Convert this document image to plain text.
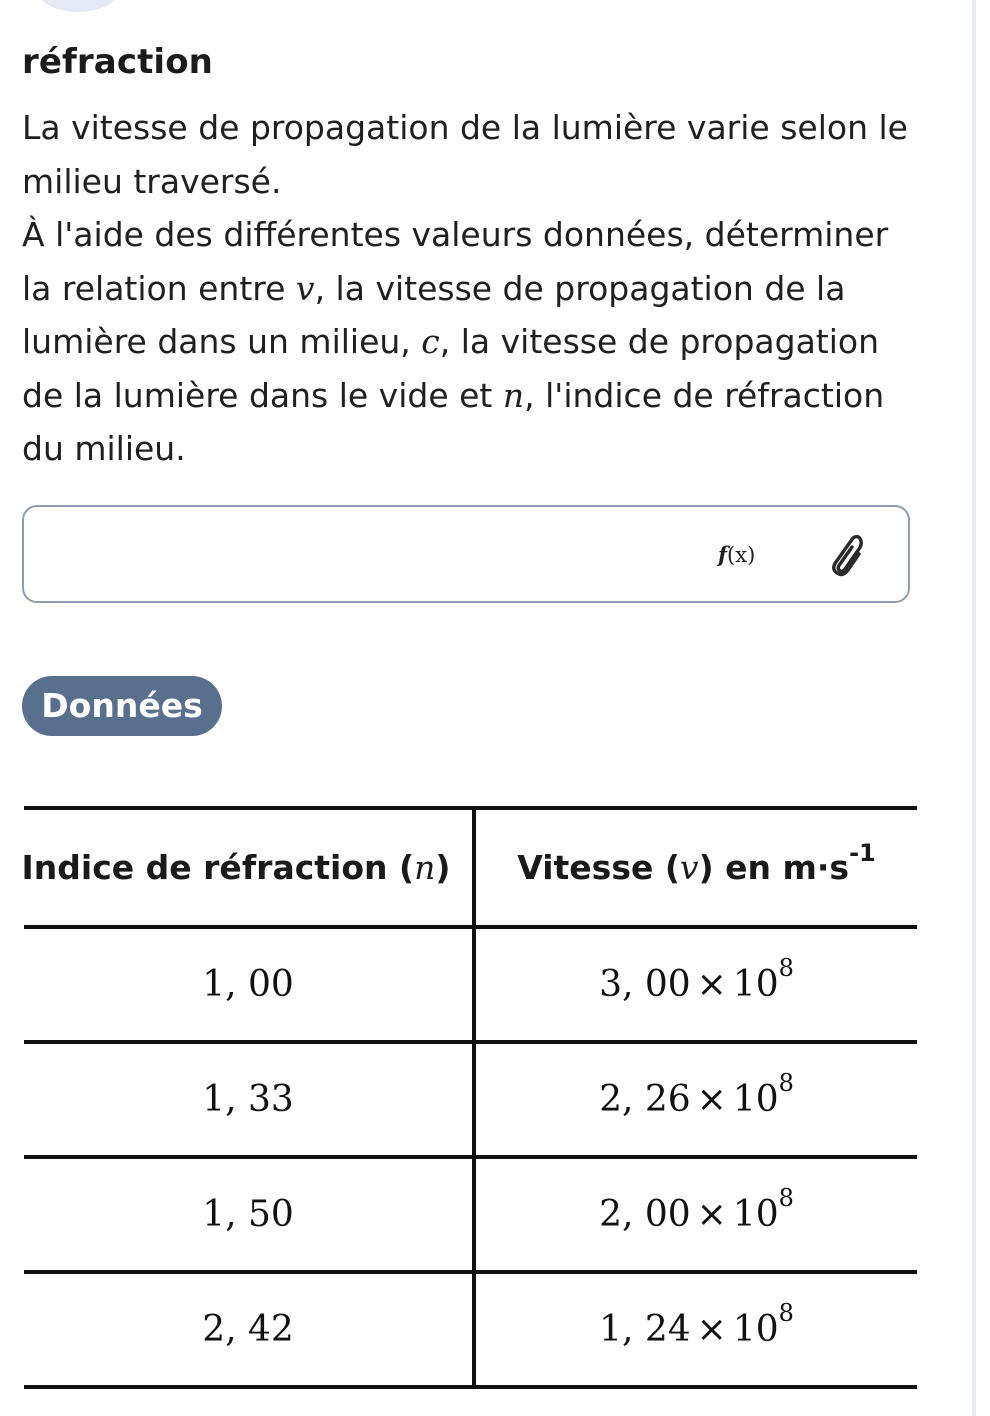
réfraction

La vitesse de propagation de la lumière varie selon le milieu traversé.

À l'aide des différentes valeurs données, déterminer la relation entre v, la vitesse de propagation de la lumière dans un milieu, c, la vitesse de propagation de la lumière dans le vide et n, l'indice de réfraction du milieu.

f(x)
Données
Indice de réfraction (n)	Vitesse (v) en $m\cdot s^{-1}$
1, 00	3, $00 \times 10^8$
1, 33	2, $26 \times 10^8$
1, 50	2, $00 \times 10^8$
2, 42	1, $24 \times 10^8$
